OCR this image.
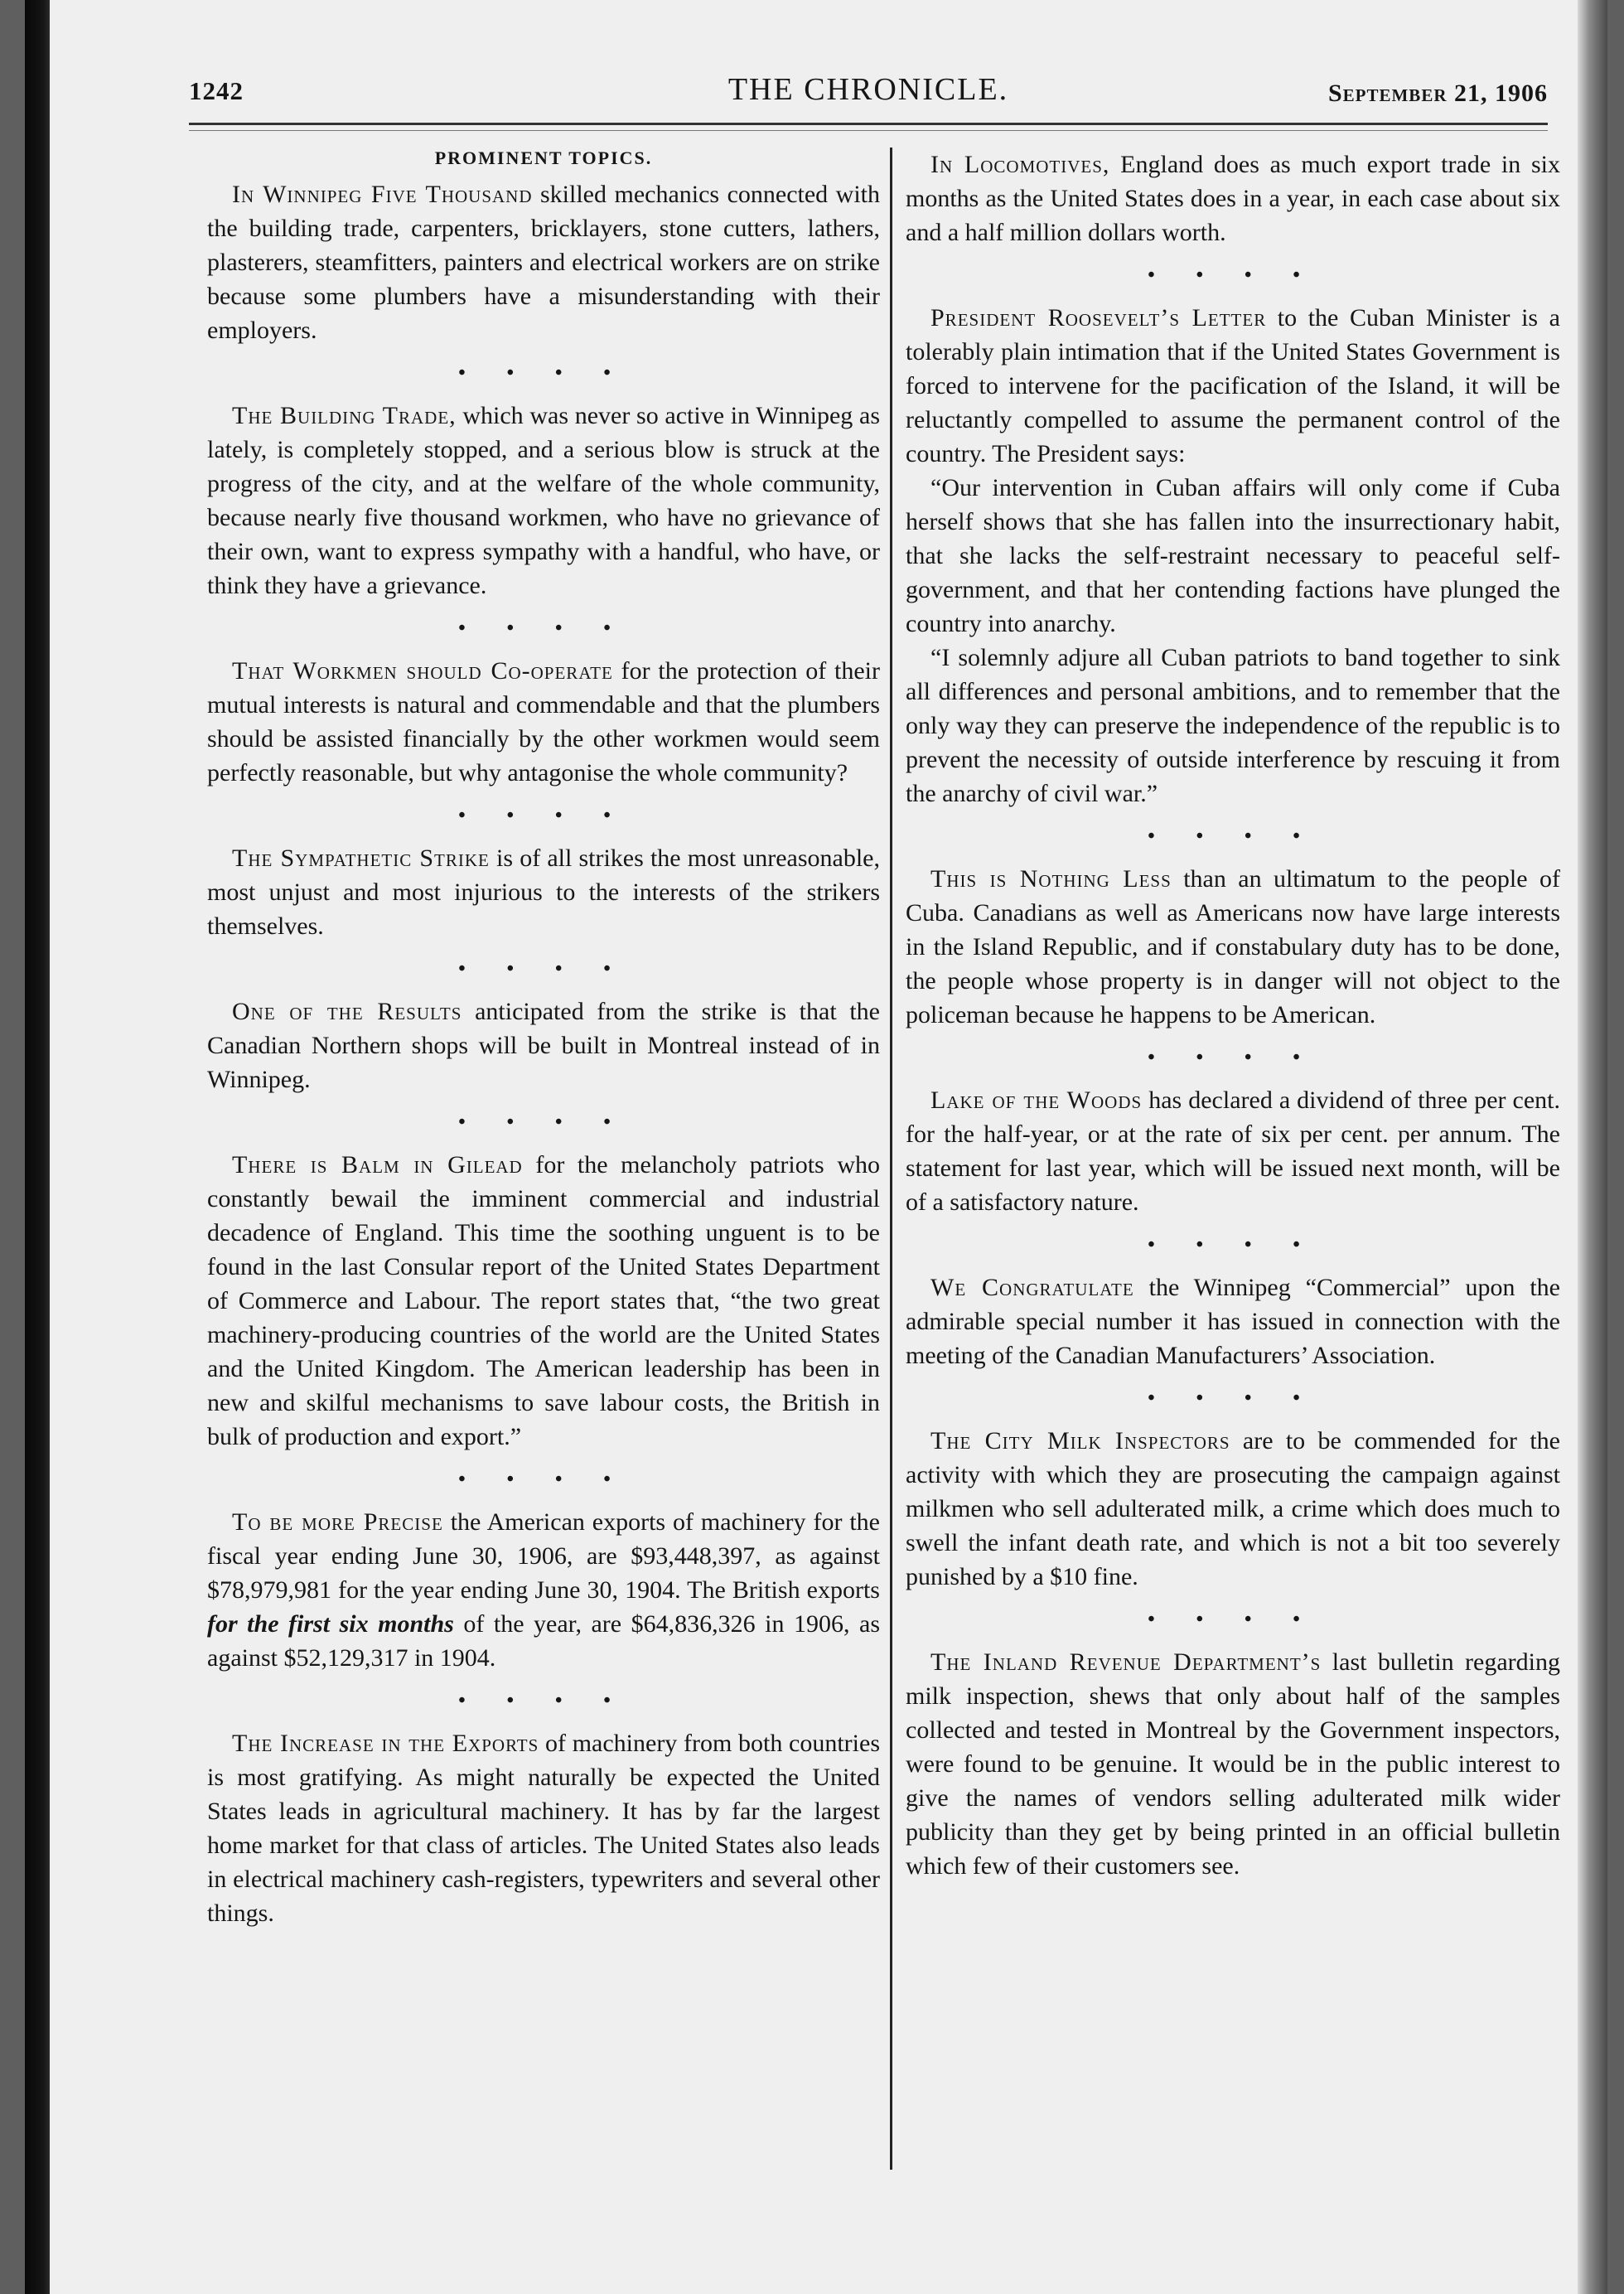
1242	THE CHRONICLE.	September 21, 1906
PROMINENT TOPICS.

In Winnipeg Five Thousand skilled mechanics connected with the building trade, carpenters, bricklayers, stone cutters, lathers, plasterers, steamfitters, painters and electrical workers are on strike because some plumbers have a misunderstanding with their employers.

• • • •

The Building Trade, which was never so active in Winnipeg as lately, is completely stopped, and a serious blow is struck at the progress of the city, and at the welfare of the whole community, because nearly five thousand workmen, who have no grievance of their own, want to express sympathy with a handful, who have, or think they have a grievance.

• • • •

That Workmen should Co-operate for the protection of their mutual interests is natural and commendable and that the plumbers should be assisted financially by the other workmen would seem perfectly reasonable, but why antagonise the whole community?

• • • •

The Sympathetic Strike is of all strikes the most unreasonable, most unjust and most injurious to the interests of the strikers themselves.

• • • •

One of the Results anticipated from the strike is that the Canadian Northern shops will be built in Montreal instead of in Winnipeg.

• • • •

There is Balm in Gilead for the melancholy patriots who constantly bewail the imminent commercial and industrial decadence of England. This time the soothing unguent is to be found in the last Consular report of the United States Department of Commerce and Labour. The report states that, “the two great machinery-producing countries of the world are the United States and the United Kingdom. The American leadership has been in new and skilful mechanisms to save labour costs, the British in bulk of production and export.”

• • • •

To be more Precise the American exports of machinery for the fiscal year ending June 30, 1906, are $93,448,397, as against $78,979,981 for the year ending June 30, 1904. The British exports for the first six months of the year, are $64,836,326 in 1906, as against $52,129,317 in 1904.

• • • •

The Increase in the Exports of machinery from both countries is most gratifying. As might naturally be expected the United States leads in agricultural machinery. It has by far the largest home market for that class of articles. The United States also leads in electrical machinery cash-registers, typewriters and several other things.

In Locomotives, England does as much export trade in six months as the United States does in a year, in each case about six and a half million dollars worth.

• • • •

President Roosevelt’s Letter to the Cuban Minister is a tolerably plain intimation that if the United States Government is forced to intervene for the pacification of the Island, it will be reluctantly compelled to assume the permanent control of the country. The President says:

“Our intervention in Cuban affairs will only come if Cuba herself shows that she has fallen into the insurrectionary habit, that she lacks the self-restraint necessary to peaceful self-government, and that her contending factions have plunged the country into anarchy.

“I solemnly adjure all Cuban patriots to band together to sink all differences and personal ambitions, and to remember that the only way they can preserve the independence of the republic is to prevent the necessity of outside interference by rescuing it from the anarchy of civil war.”

• • • •

This is Nothing Less than an ultimatum to the people of Cuba. Canadians as well as Americans now have large interests in the Island Republic, and if constabulary duty has to be done, the people whose property is in danger will not object to the policeman because he happens to be American.

• • • •

Lake of the Woods has declared a dividend of three per cent. for the half-year, or at the rate of six per cent. per annum. The statement for last year, which will be issued next month, will be of a satisfactory nature.

• • • •

We Congratulate the Winnipeg “Commercial” upon the admirable special number it has issued in connection with the meeting of the Canadian Manufacturers’ Association.

• • • •

The City Milk Inspectors are to be commended for the activity with which they are prosecuting the campaign against milkmen who sell adulterated milk, a crime which does much to swell the infant death rate, and which is not a bit too severely punished by a $10 fine.

• • • •

The Inland Revenue Department’s last bulletin regarding milk inspection, shews that only about half of the samples collected and tested in Montreal by the Government inspectors, were found to be genuine. It would be in the public interest to give the names of vendors selling adulterated milk wider publicity than they get by being printed in an official bulletin which few of their customers see.
